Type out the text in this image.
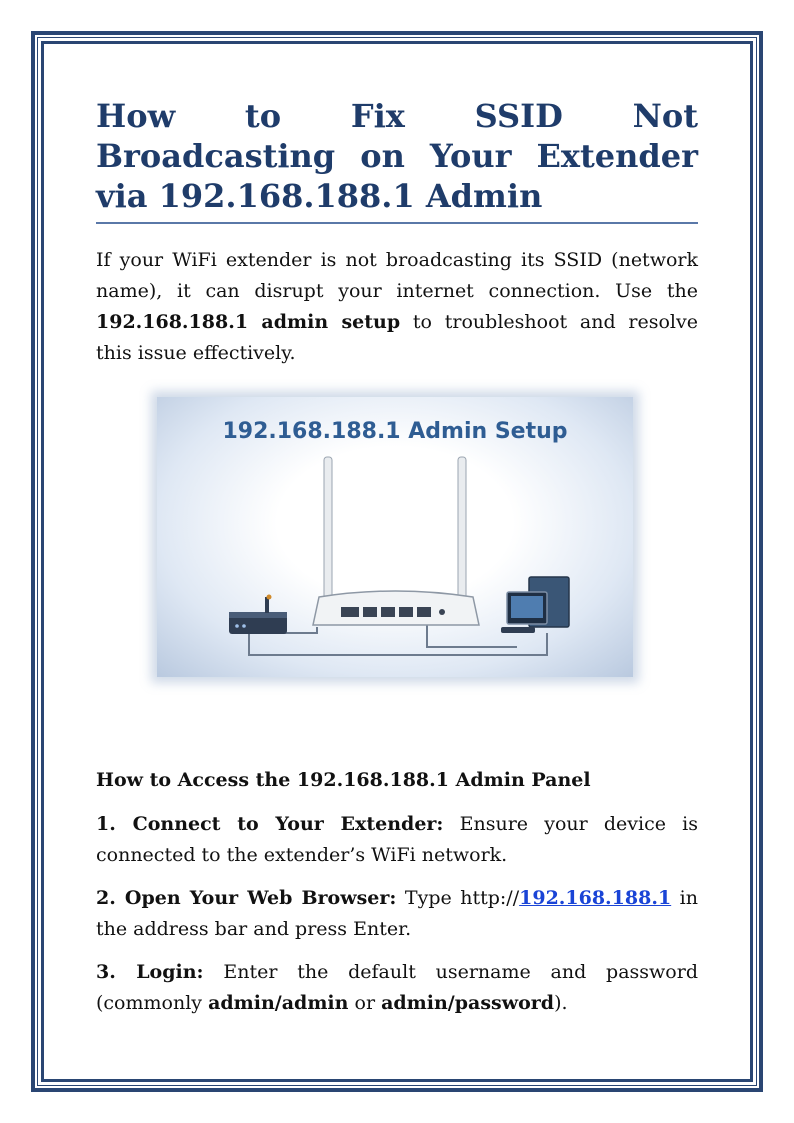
How to Fix SSID Not Broadcasting on Your Extender via 192.168.188.1 Admin

If your WiFi extender is not broadcasting its SSID (network name), it can disrupt your internet connection. Use the 192.168.188.1 admin setup to troubleshoot and resolve this issue effectively.

192.168.188.1 Admin Setup
How to Access the 192.168.188.1 Admin Panel

1. Connect to Your Extender: Ensure your device is connected to the extender’s WiFi network.

2. Open Your Web Browser: Type http://192.168.188.1 in the address bar and press Enter.

3. Login: Enter the default username and password (commonly admin/admin or admin/password).
